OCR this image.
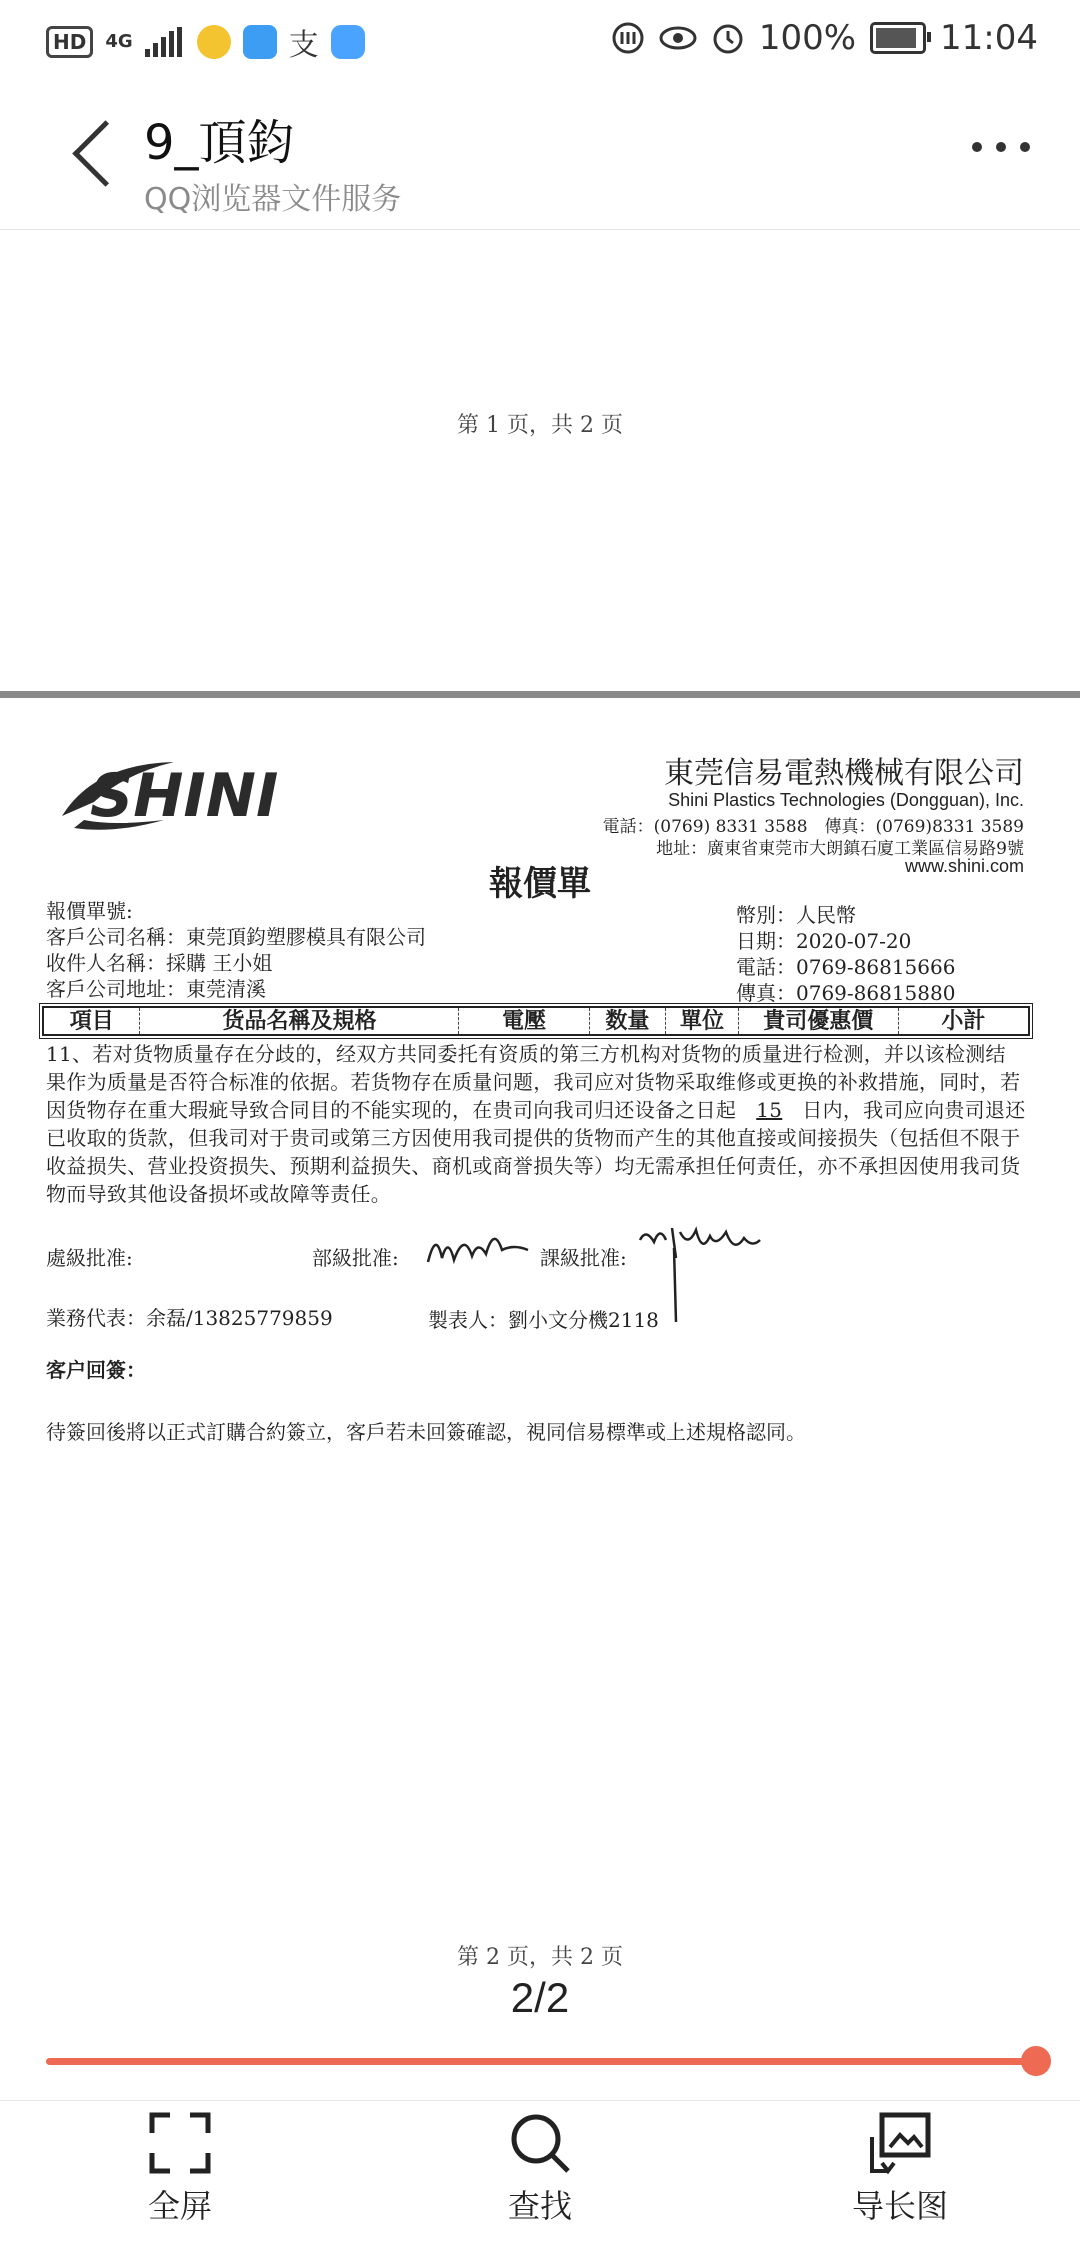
HD	4G	支	100% 11:04
9_頂鈞
QQ浏览器文件服务
第 1 页，共 2 页
SHINI	東莞信易電熱機械有限公司
Shini Plastics Technologies (Dongguan), Inc.
電話：(0769) 8331 3588　傳真：(0769)8331 3589
地址：廣東省東莞市大朗鎮石廈工業區信易路9號
www.shini.com
報價單
報價單號:
客戶公司名稱：東莞頂鈞塑膠模具有限公司
收件人名稱：採購 王小姐
客戶公司地址：東莞清溪
幣別：人民幣
日期：2020-07-20
電話：0769-86815666
傳真：0769-86815880
項目	货品名稱及規格	電壓	数量	單位	貴司優惠價	小計
11、若对货物质量存在分歧的，经双方共同委托有资质的第三方机构对货物的质量进行检测，并以该检测结果作为质量是否符合标准的依据。若货物存在质量问题，我司应对货物采取维修或更换的补救措施，同时，若因货物存在重大瑕疵导致合同目的不能实现的，在贵司向我司归还设备之日起 15 日内，我司应向贵司退还已收取的货款，但我司对于贵司或第三方因使用我司提供的货物而产生的其他直接或间接损失（包括但不限于收益损失、营业投资损失、预期利益损失、商机或商誉损失等）均无需承担任何责任，亦不承担因使用我司货物而导致其他设备损坏或故障等责任。
處級批准:	部級批准:	課級批准:
業務代表：余磊/13825779859	製表人：劉小文分機2118
客户回簽：
待簽回後將以正式訂購合約簽立，客戶若未回簽確認，視同信易標準或上述規格認同。
第 2 页，共 2 页
2/2
全屏	查找	导长图
